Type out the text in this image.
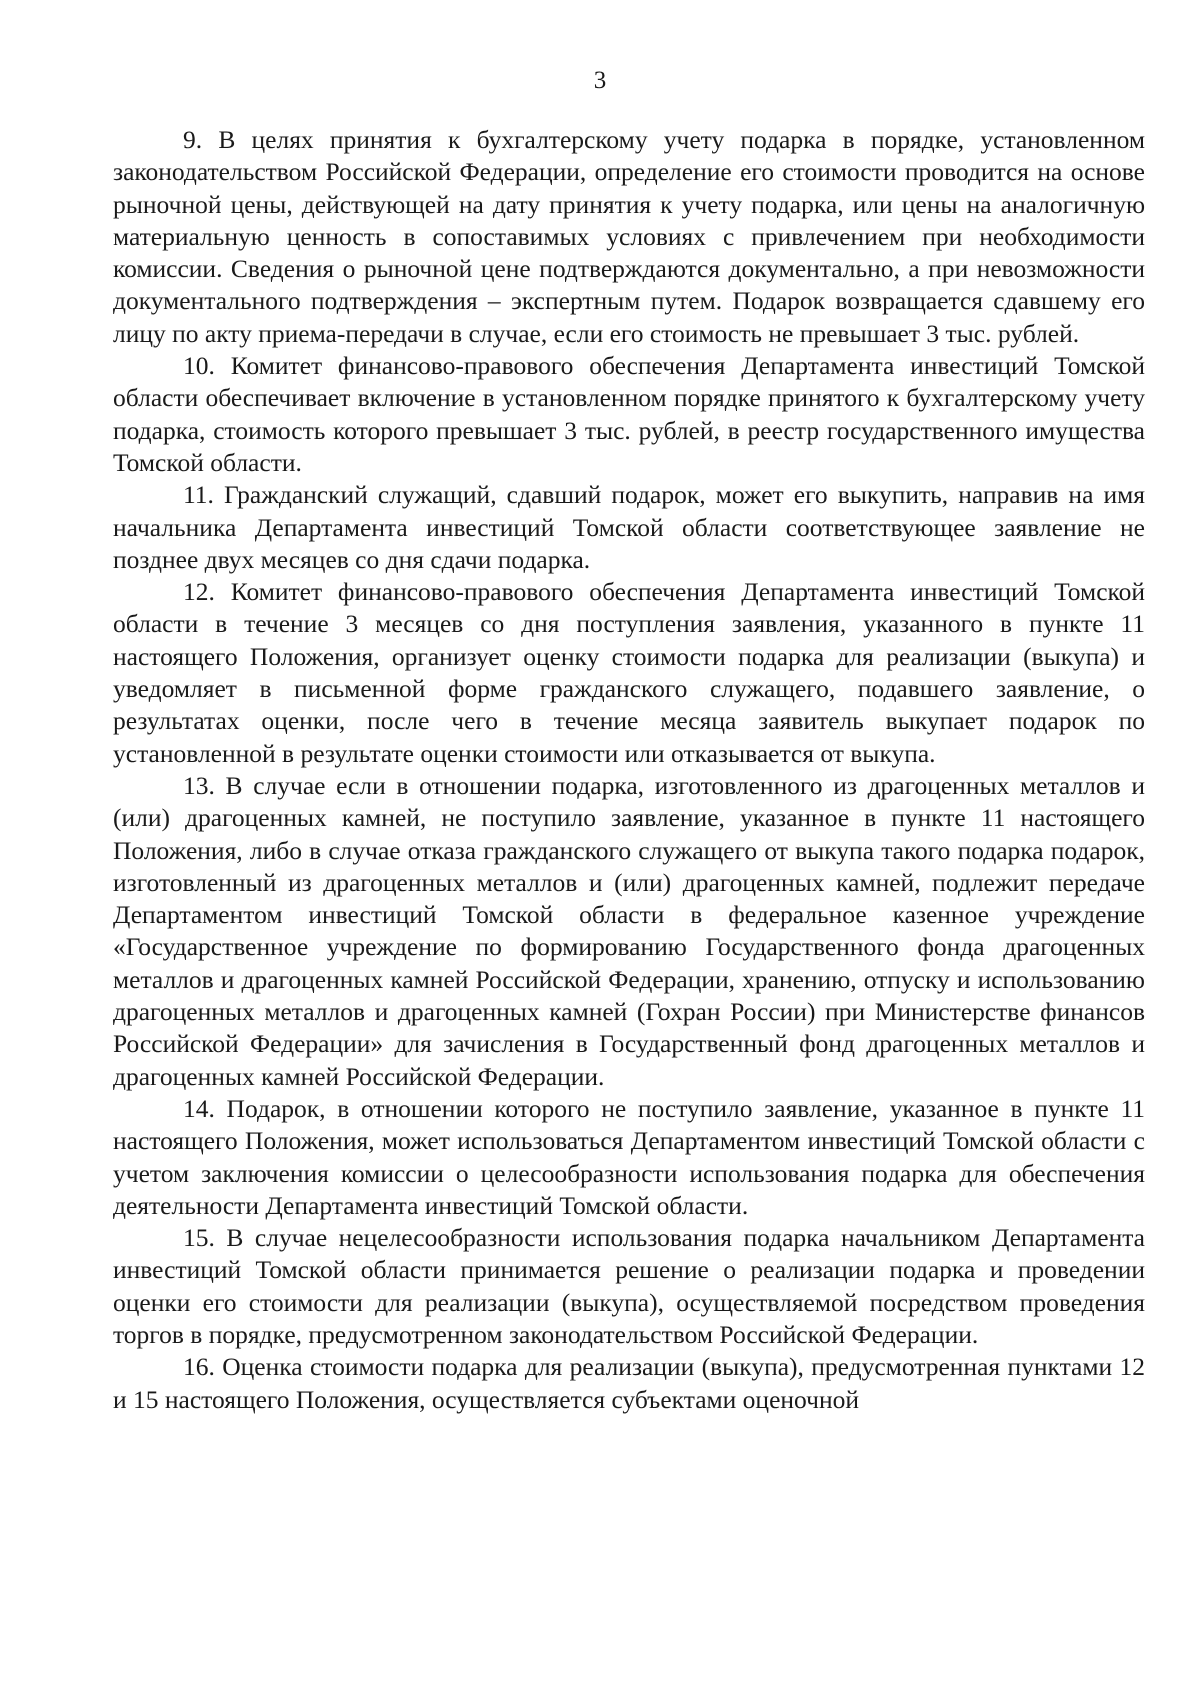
3

9. В целях принятия к бухгалтерскому учету подарка в порядке, установленном законодательством Российской Федерации, определение его стоимости проводится на основе рыночной цены, действующей на дату принятия к учету подарка, или цены на аналогичную материальную ценность в сопоставимых условиях с привлечением при необходимости комиссии. Сведения о рыночной цене подтверждаются документально, а при невозможности документального подтверждения – экспертным путем. Подарок возвращается сдавшему его лицу по акту приема-передачи в случае, если его стоимость не превышает 3 тыс. рублей.

10. Комитет финансово-правового обеспечения Департамента инвестиций Томской области обеспечивает включение в установленном порядке принятого к бухгалтерскому учету подарка, стоимость которого превышает 3 тыс. рублей, в реестр государственного имущества Томской области.

11. Гражданский служащий, сдавший подарок, может его выкупить, направив на имя начальника Департамента инвестиций Томской области соответствующее заявление не позднее двух месяцев со дня сдачи подарка.

12. Комитет финансово-правового обеспечения Департамента инвестиций Томской области в течение 3 месяцев со дня поступления заявления, указанного в пункте 11 настоящего Положения, организует оценку стоимости подарка для реализации (выкупа) и уведомляет в письменной форме гражданского служащего, подавшего заявление, о результатах оценки, после чего в течение месяца заявитель выкупает подарок по установленной в результате оценки стоимости или отказывается от выкупа.

13. В случае если в отношении подарка, изготовленного из драгоценных металлов и (или) драгоценных камней, не поступило заявление, указанное в пункте 11 настоящего Положения, либо в случае отказа гражданского служащего от выкупа такого подарка подарок, изготовленный из драгоценных металлов и (или) драгоценных камней, подлежит передаче Департаментом инвестиций Томской области в федеральное казенное учреждение «Государственное учреждение по формированию Государственного фонда драгоценных металлов и драгоценных камней Российской Федерации, хранению, отпуску и использованию драгоценных металлов и драгоценных камней (Гохран России) при Министерстве финансов Российской Федерации» для зачисления в Государственный фонд драгоценных металлов и драгоценных камней Российской Федерации.

14. Подарок, в отношении которого не поступило заявление, указанное в пункте 11 настоящего Положения, может использоваться Департаментом инвестиций Томской области с учетом заключения комиссии о целесообразности использования подарка для обеспечения деятельности Департамента инвестиций Томской области.

15. В случае нецелесообразности использования подарка начальником Департамента инвестиций Томской области принимается решение о реализации подарка и проведении оценки его стоимости для реализации (выкупа), осуществляемой посредством проведения торгов в порядке, предусмотренном законодательством Российской Федерации.

16. Оценка стоимости подарка для реализации (выкупа), предусмотренная пунктами 12 и 15 настоящего Положения, осуществляется субъектами оценочной
